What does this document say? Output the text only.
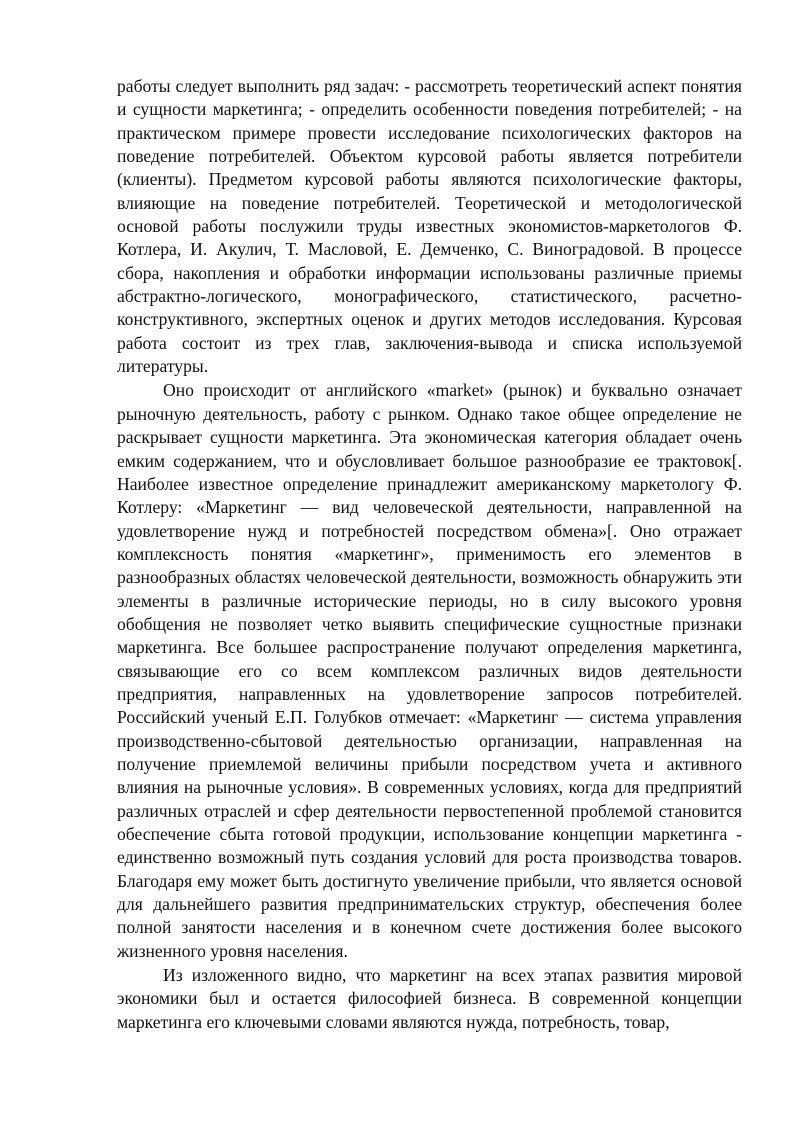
работы следует выполнить ряд задач: - рассмотреть теоретический аспект понятия и сущности маркетинга; - определить особенности поведения потребителей; - на практическом примере провести исследование психологических факторов на поведение потребителей. Объектом курсовой работы является потребители (клиенты). Предметом курсовой работы являются психологические факторы, влияющие на поведение потребителей. Теоретической и методологической основой работы послужили труды известных экономистов-маркетологов Ф. Котлера, И. Акулич, Т. Масловой, Е. Демченко, С. Виноградовой. В процессе сбора, накопления и обработки информации использованы различные приемы абстрактно-логического, монографического, статистического, расчетно-конструктивного, экспертных оценок и других методов исследования. Курсовая работа состоит из трех глав, заключения-вывода и списка используемой литературы.

Оно происходит от английского «market» (рынок) и буквально означает рыночную деятельность, работу с рынком. Однако такое общее определение не раскрывает сущности маркетинга. Эта экономическая категория обладает очень емким содержанием, что и обусловливает большое разнообразие ее трактовок[. Наиболее известное определение принадлежит американскому маркетологу Ф. Котлеру: «Маркетинг — вид человеческой деятельности, направленной на удовлетворение нужд и потребностей посредством обмена»[. Оно отражает комплексность понятия «маркетинг», применимость его элементов в разнообразных областях человеческой деятельности, возможность обнаружить эти элементы в различные исторические периоды, но в силу высокого уровня обобщения не позволяет четко выявить специфические сущностные признаки маркетинга. Все большее распространение получают определения маркетинга, связывающие его со всем комплексом различных видов деятельности предприятия, направленных на удовлетворение запросов потребителей. Российский ученый Е.П. Голубков отмечает: «Маркетинг — система управления производственно-сбытовой деятельностью организации, направленная на получение приемлемой величины прибыли посредством учета и активного влияния на рыночные условия». В современных условиях, когда для предприятий различных отраслей и сфер деятельности первостепенной проблемой становится обеспечение сбыта готовой продукции, использование концепции маркетинга - единственно возможный путь создания условий для роста производства товаров. Благодаря ему может быть достигнуто увеличение прибыли, что является основой для дальнейшего развития предпринимательских структур, обеспечения более полной занятости населения и в конечном счете достижения более высокого жизненного уровня населения.

Из изложенного видно, что маркетинг на всех этапах развития мировой экономики был и остается философией бизнеса. В современной концепции маркетинга его ключевыми словами являются нужда, потребность, товар,
